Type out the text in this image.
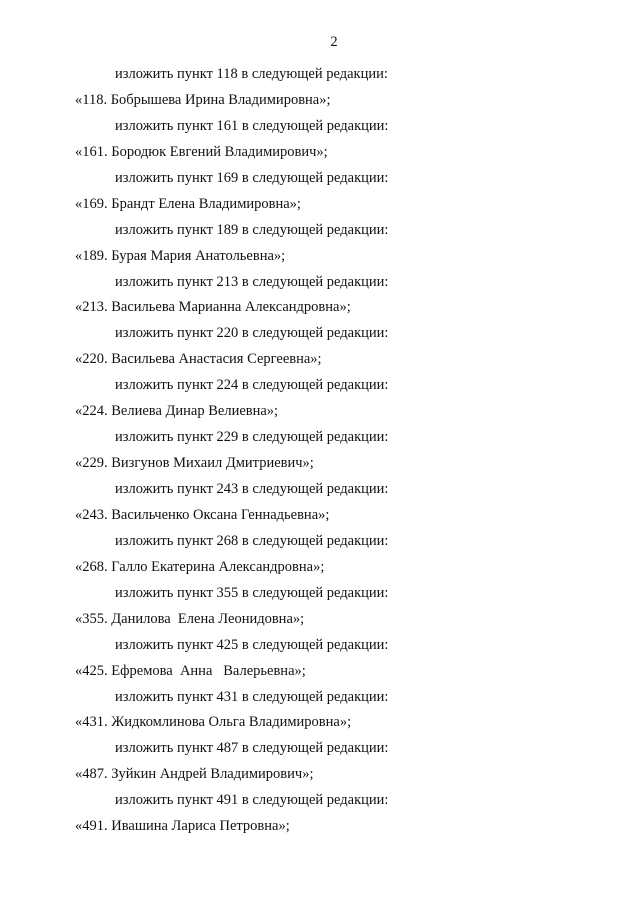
2
изложить пункт 118 в следующей редакции:
«118. Бобрышева Ирина Владимировна»;
изложить пункт 161 в следующей редакции:
«161. Бородюк Евгений Владимирович»;
изложить пункт 169 в следующей редакции:
«169. Брандт Елена Владимировна»;
изложить пункт 189 в следующей редакции:
«189. Бурая Мария Анатольевна»;
изложить пункт 213 в следующей редакции:
«213. Васильева Марианна Александровна»;
изложить пункт 220 в следующей редакции:
«220. Васильева Анастасия Сергеевна»;
изложить пункт 224 в следующей редакции:
«224. Велиева Динар Велиевна»;
изложить пункт 229 в следующей редакции:
«229. Визгунов Михаил Дмитриевич»;
изложить пункт 243 в следующей редакции:
«243. Васильченко Оксана Геннадьевна»;
изложить пункт 268 в следующей редакции:
«268. Галло Екатерина Александровна»;
изложить пункт 355 в следующей редакции:
«355. Данилова  Елена Леонидовна»;
изложить пункт 425 в следующей редакции:
«425. Ефремова  Анна   Валерьевна»;
изложить пункт 431 в следующей редакции:
«431. Жидкомлинова Ольга Владимировна»;
изложить пункт 487 в следующей редакции:
«487. Зуйкин Андрей Владимирович»;
изложить пункт 491 в следующей редакции:
«491. Ивашина Лариса Петровна»;
